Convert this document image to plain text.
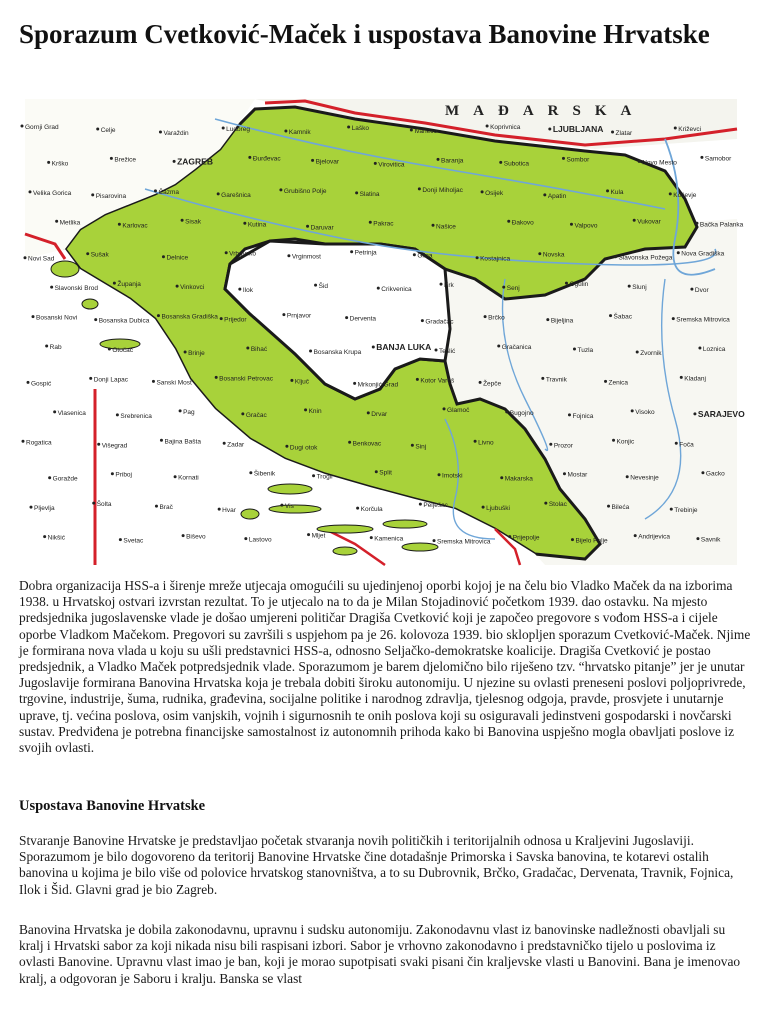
Sporazum Cvetković-Maček i uspostava Banovine Hrvatske
MAĐARSKA
Gornji Grad	Celje	Varaždin
Ludbreg	Kamnik
Laško	Ivaneco
Koprivnica	LJUBLJANA Zlatar
Križevci
Krško
Brežice	ZAGREB	Đurđevac	Bjelovar	Virovitica
Baranja	Subotica
Sombor	Novo Mesto
Samobor
Velika Gorica	Pisarovina
Čazma	Garešnica
Grubišno Polje	Slatina
Donji Miholjac	Osijek	Apatin
Kula	Kočevje
Metlika	Karlovac
Sisak	Kutina	Daruvar
Pakrac	Našice
Đakovo	Valpovo
Vukovar	Bačka Palanka
Novi Sad
Sušak	Delnice
Vrbovsko	Vrginmost
Petrinja	Glina	Kostajnica
Novska	Slavonska Požega
Nova Gradiška
Slavonski Brod
Županja	Vinkovci	Ilok
Šid	Crikvenica
Krk	Senj
Ogulin	Slunj	Dvor
Bosanski Novi	Bosanska Dubica
Bosanska Gradiška Prijedor
Prnjavor	Derventa	Gradačac
Brčko	Bijeljina
Šabac	Sremska Mitrovica
Rab	Otočac	Brinje
Bihać	Bosanska Krupa
BANJA LUKA Teslić
Gračanica	Tuzla	Zvornik
Loznica
Gospić
Donji Lapac	Sanski Most
Bosanski Petrovac	Ključ	Mrkonjić Grad
Kotor Varoš	Žepče
Travnik	Zenica
Kladanj
Vlasenica	Srebrenica
Pag	Gračac
Knin	Drvar
Glamoč	Bugojno	Fojnica
Visoko	SARAJEVO
Rogatica	Višegrad
Bajina Bašta	Zadar	Dugi otok
Benkovac	Sinj
Livno	Prozor
Konjic	Foča
Goražde
Priboj	Kornati
Šibenik	Trogir
Split	Imotski	Makarska
Mostar	Nevesinje
Gacko
Pljevlja
Šolta	Brač	Hvar
Vis	Korčula
Pelješac	Ljubuški
Stolac	Bileća	Trebinje
Nikšić	Svetac
Biševo	Lastovo
Mljet	Kamenica	Sremska Mitrovica
Prijepolje	Bijelo Polje
Andrijevica	Savnik

Dobra organizacija HSS-a i širenje mreže utjecaja omogućili su ujedinjenoj oporbi kojoj je na čelu bio Vladko Maček da na izborima 1938. u Hrvatskoj ostvari izvrstan rezultat. To je utjecalo na to da je Milan Stojadinović početkom 1939. dao ostavku. Na mjesto predsjednika jugoslavenske vlade je došao umjereni političar Dragiša Cvetković koji je započeo pregovore s vođom HSS-a i cijele oporbe Vladkom Mačekom. Pregovori su završili s uspjehom pa je 26. kolovoza 1939. bio sklopljen sporazum Cvetković-Maček. Njime je formirana nova vlada u koju su ušli predstavnici HSS-a, odnosno Seljačko-demokratske koalicije. Dragiša Cvetković je postao predsjednik, a Vladko Maček potpredsjednik vlade. Sporazumom je barem djelomično bilo riješeno tzv. “hrvatsko pitanje” jer je unutar Jugoslavije formirana Banovina Hrvatska koja je trebala dobiti široku autonomiju. U njezine su ovlasti preneseni poslovi poljoprivrede, trgovine, industrije, šuma, rudnika, građevina, socijalne politike i narodnog zdravlja, tjelesnog odgoja, pravde, prosvjete i unutarnje uprave, tj. većina poslova, osim vanjskih, vojnih i sigurnosnih te onih poslova koji su osiguravali jedinstveni gospodarski i novčarski sustav. Predviđena je potrebna financijske samostalnost iz autonomnih prihoda kako bi Banovina uspješno mogla obavljati poslove iz svojih ovlasti.

Uspostava Banovine Hrvatske

Stvaranje Banovine Hrvatske je predstavljao početak stvaranja novih političkih i teritorijalnih odnosa u Kraljevini Jugoslaviji. Sporazumom je bilo dogovoreno da teritorij Banovine Hrvatske čine dotadašnje Primorska i Savska banovina, te kotarevi ostalih banovina u kojima je bilo više od polovice hrvatskog stanovništva, a to su Dubrovnik, Brčko, Gradačac, Dervenata, Travnik, Fojnica, Ilok i Šid. Glavni grad je bio Zagreb.

Banovina Hrvatska je dobila zakonodavnu, upravnu i sudsku autonomiju. Zakonodavnu vlast iz banovinske nadležnosti obavljali su kralj i Hrvatski sabor za koji nikada nisu bili raspisani izbori. Sabor je vrhovno zakonodavno i predstavničko tijelo u poslovima iz ovlasti Banovine. Upravnu vlast imao je ban, koji je morao supotpisati svaki pisani čin kraljevske vlasti u Banovini. Bana je imenovao kralj, a odgovoran je Saboru i kralju. Banska se vlast
